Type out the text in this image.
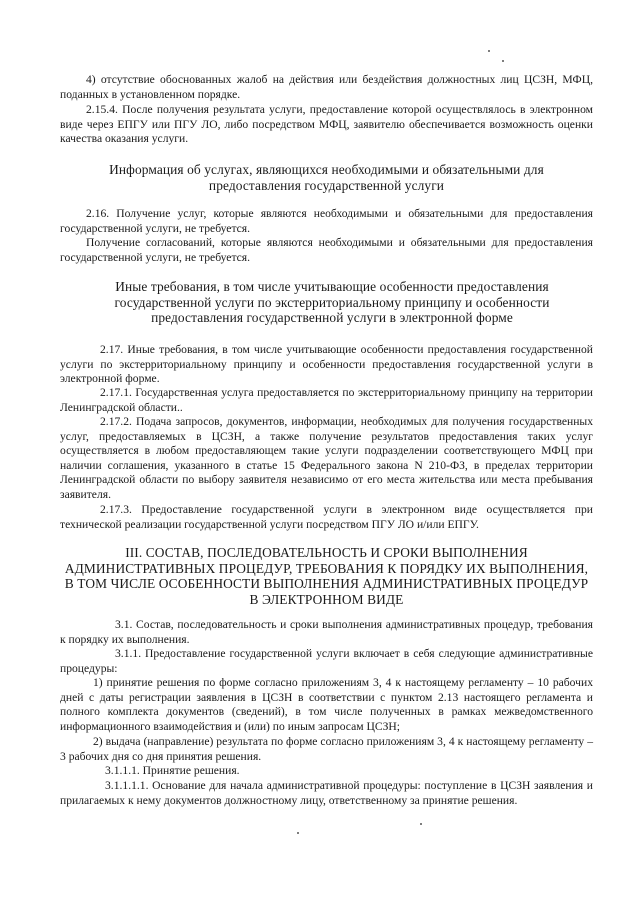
4) отсутствие обоснованных жалоб на действия или бездействия должностных лиц ЦСЗН, МФЦ, поданных в установленном порядке.
2.15.4. После получения результата услуги, предоставление которой осуществлялось в электронном виде через ЕПГУ или ПГУ ЛО, либо посредством МФЦ, заявителю обеспечивается возможность оценки качества оказания услуги.
Информация об услугах, являющихся необходимыми и обязательными для предоставления государственной услуги
2.16. Получение услуг, которые являются необходимыми и обязательными для предоставления государственной услуги, не требуется.
Получение согласований, которые являются необходимыми и обязательными для предоставления государственной услуги, не требуется.
Иные требования, в том числе учитывающие особенности предоставления государственной услуги по экстерриториальному принципу и особенности предоставления государственной услуги в электронной форме
2.17. Иные требования, в том числе учитывающие особенности предоставления государственной услуги по экстерриториальному принципу и особенности предоставления государственной услуги в электронной форме.
2.17.1. Государственная услуга предоставляется по экстерриториальному принципу на территории Ленинградской области..
2.17.2. Подача запросов, документов, информации, необходимых для получения государственных услуг, предоставляемых в ЦСЗН, а также получение результатов предоставления таких услуг осуществляется в любом предоставляющем такие услуги подразделении соответствующего МФЦ при наличии соглашения, указанного в статье 15 Федерального закона N 210-ФЗ, в пределах территории Ленинградской области по выбору заявителя независимо от его места жительства или места пребывания заявителя.
2.17.3. Предоставление государственной услуги в электронном виде осуществляется при технической реализации государственной услуги посредством ПГУ ЛО и/или ЕПГУ.
III. СОСТАВ, ПОСЛЕДОВАТЕЛЬНОСТЬ И СРОКИ ВЫПОЛНЕНИЯ АДМИНИСТРАТИВНЫХ ПРОЦЕДУР, ТРЕБОВАНИЯ К ПОРЯДКУ ИХ ВЫПОЛНЕНИЯ, В ТОМ ЧИСЛЕ ОСОБЕННОСТИ ВЫПОЛНЕНИЯ АДМИНИСТРАТИВНЫХ ПРОЦЕДУР В ЭЛЕКТРОННОМ ВИДЕ
3.1. Состав, последовательность и сроки выполнения административных процедур, требования к порядку их выполнения.
3.1.1. Предоставление государственной услуги включает в себя следующие административные процедуры:
1) принятие решения по форме согласно приложениям 3, 4 к настоящему регламенту – 10 рабочих дней с даты регистрации заявления в ЦСЗН в соответствии с пунктом 2.13 настоящего регламента и полного комплекта документов (сведений), в том числе полученных в рамках межведомственного информационного взаимодействия и (или) по иным запросам ЦСЗН;
2) выдача (направление) результата по форме согласно приложениям 3, 4 к настоящему регламенту – 3 рабочих дня со дня принятия решения.
3.1.1.1. Принятие решения.
3.1.1.1.1. Основание для начала административной процедуры: поступление в ЦСЗН заявления и прилагаемых к нему документов должностному лицу, ответственному за принятие решения.
